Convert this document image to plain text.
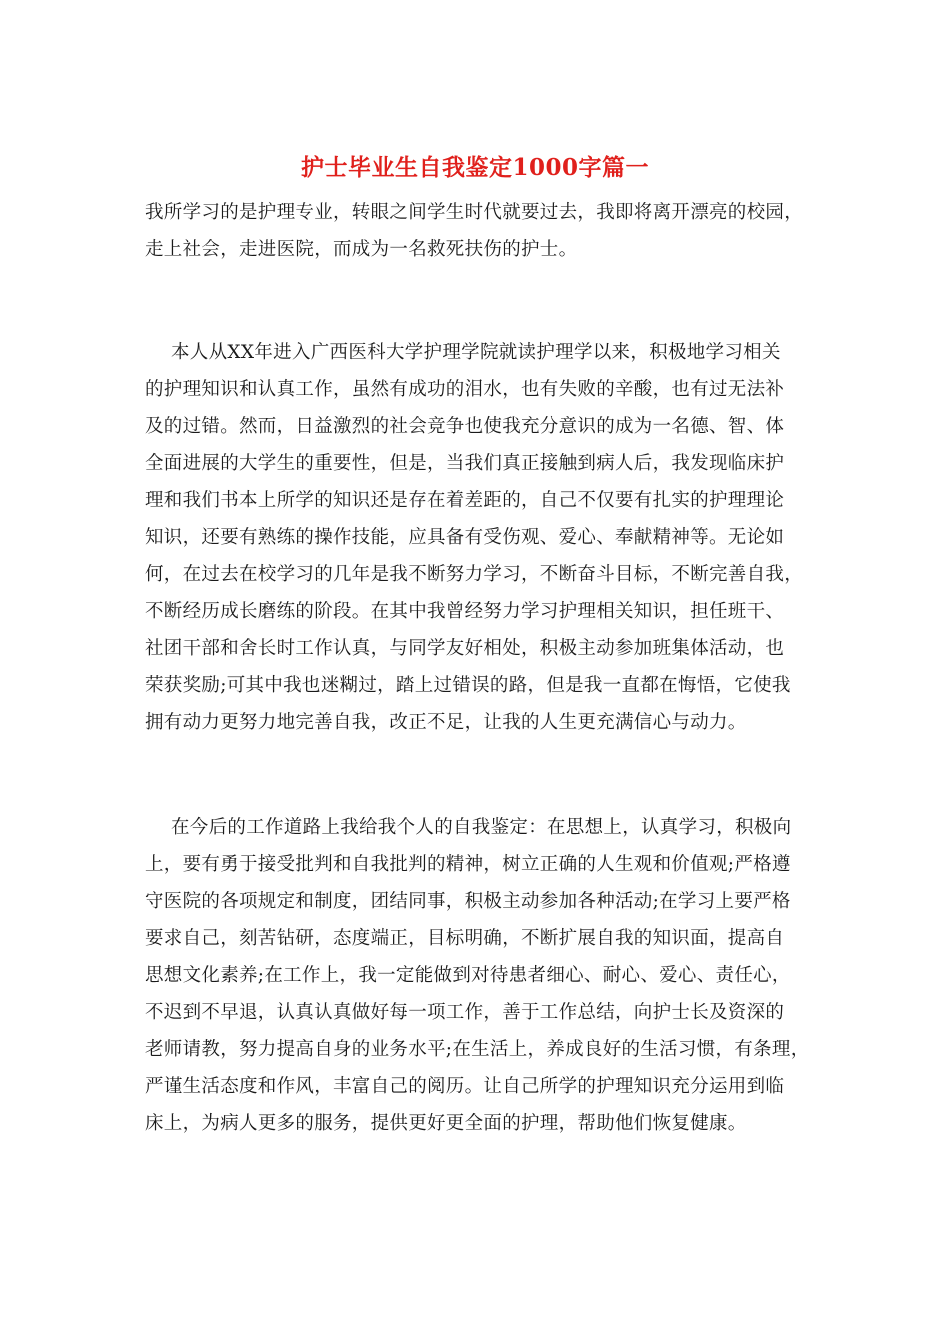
护士毕业生自我鉴定1000字篇一
我所学习的是护理专业，转眼之间学生时代就要过去，我即将离开漂亮的校园，
走上社会，走进医院，而成为一名救死扶伤的护士。
本人从XX年进入广西医科大学护理学院就读护理学以来，积极地学习相关
的护理知识和认真工作，虽然有成功的泪水，也有失败的辛酸，也有过无法补
及的过错。然而，日益激烈的社会竞争也使我充分意识的成为一名德、智、体
全面进展的大学生的重要性，但是，当我们真正接触到病人后，我发现临床护
理和我们书本上所学的知识还是存在着差距的，自己不仅要有扎实的护理理论
知识，还要有熟练的操作技能，应具备有受伤观、爱心、奉献精神等。无论如
何，在过去在校学习的几年是我不断努力学习，不断奋斗目标，不断完善自我，
不断经历成长磨练的阶段。在其中我曾经努力学习护理相关知识，担任班干、
社团干部和舍长时工作认真，与同学友好相处，积极主动参加班集体活动，也
荣获奖励;可其中我也迷糊过，踏上过错误的路，但是我一直都在悔悟，它使我
拥有动力更努力地完善自我，改正不足，让我的人生更充满信心与动力。
在今后的工作道路上我给我个人的自我鉴定：在思想上，认真学习，积极向
上，要有勇于接受批判和自我批判的精神，树立正确的人生观和价值观;严格遵
守医院的各项规定和制度，团结同事，积极主动参加各种活动;在学习上要严格
要求自己，刻苦钻研，态度端正，目标明确，不断扩展自我的知识面，提高自
思想文化素养;在工作上，我一定能做到对待患者细心、耐心、爱心、责任心，
不迟到不早退，认真认真做好每一项工作，善于工作总结，向护士长及资深的
老师请教，努力提高自身的业务水平;在生活上，养成良好的生活习惯，有条理，
严谨生活态度和作风，丰富自己的阅历。让自己所学的护理知识充分运用到临
床上，为病人更多的服务，提供更好更全面的护理，帮助他们恢复健康。
